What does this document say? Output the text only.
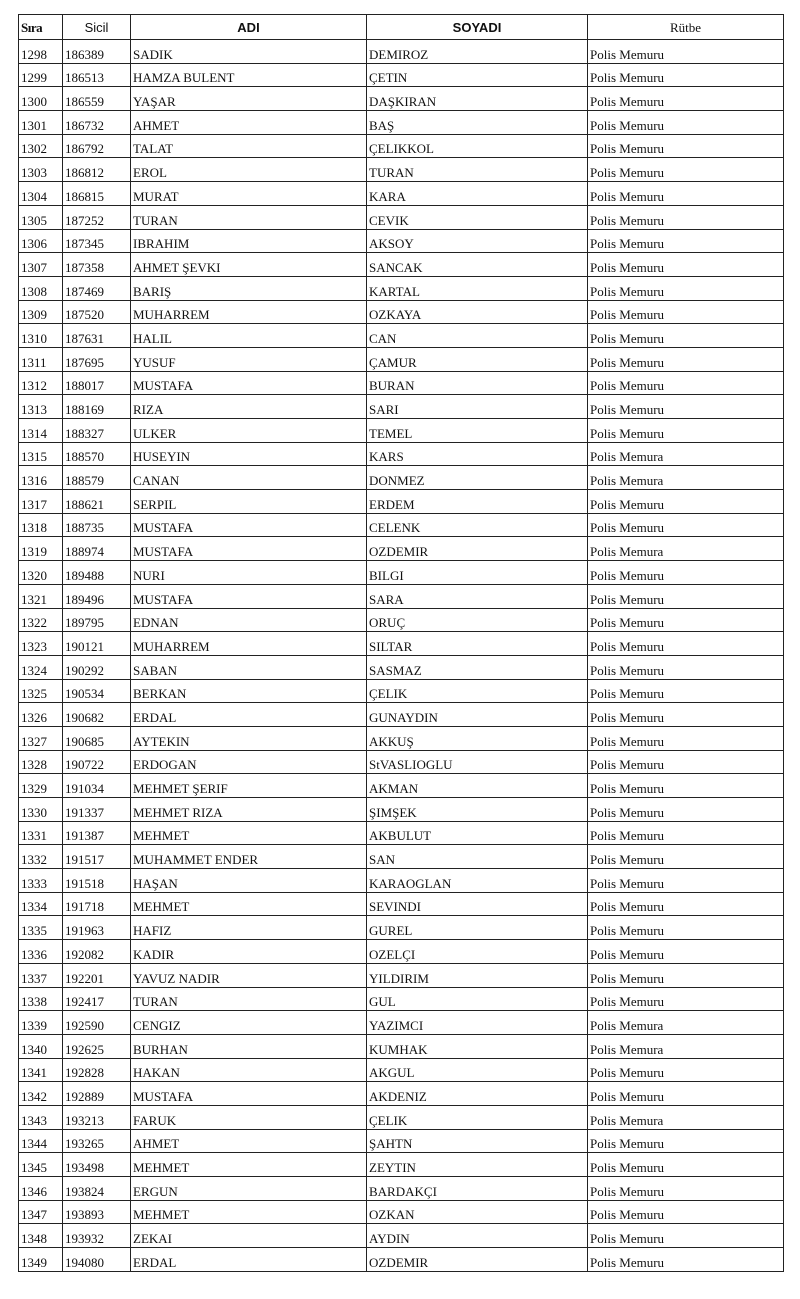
Sıra	Sicil	ADI	SOYADI	Rütbe
1298	186389	SADIK	DEMIROZ	Polis Memuru
1299	186513	HAMZA BULENT	ÇETIN	Polis Memuru
1300	186559	YAŞAR	DAŞKIRAN	Polis Memuru
1301	186732	AHMET	BAŞ	Polis Memuru
1302	186792	TALAT	ÇELIKKOL	Polis Memuru
1303	186812	EROL	TURAN	Polis Memuru
1304	186815	MURAT	KARA	Polis Memuru
1305	187252	TURAN	CEVIK	Polis Memuru
1306	187345	IBRAHIM	AKSOY	Polis Memuru
1307	187358	AHMET ŞEVKI	SANCAK	Polis Memuru
1308	187469	BARIŞ	KARTAL	Polis Memuru
1309	187520	MUHARREM	OZKAYA	Polis Memuru
1310	187631	HALIL	CAN	Polis Memuru
1311	187695	YUSUF	ÇAMUR	Polis Memuru
1312	188017	MUSTAFA	BURAN	Polis Memuru
1313	188169	RIZA	SARI	Polis Memuru
1314	188327	ULKER	TEMEL	Polis Memuru
1315	188570	HUSEYIN	KARS	Polis Memura
1316	188579	CANAN	DONMEZ	Polis Memura
1317	188621	SERPIL	ERDEM	Polis Memuru
1318	188735	MUSTAFA	CELENK	Polis Memuru
1319	188974	MUSTAFA	OZDEMIR	Polis Memura
1320	189488	NURI	BILGI	Polis Memuru
1321	189496	MUSTAFA	SARA	Polis Memuru
1322	189795	EDNAN	ORUÇ	Polis Memuru
1323	190121	MUHARREM	SILTAR	Polis Memuru
1324	190292	SABAN	SASMAZ	Polis Memuru
1325	190534	BERKAN	ÇELIK	Polis Memuru
1326	190682	ERDAL	GUNAYDIN	Polis Memuru
1327	190685	AYTEKIN	AKKUŞ	Polis Memuru
1328	190722	ERDOGAN	StVASLIOGLU	Polis Memuru
1329	191034	MEHMET ŞERIF	AKMAN	Polis Memuru
1330	191337	MEHMET RIZA	ŞIMŞEK	Polis Memuru
1331	191387	MEHMET	AKBULUT	Polis Memuru
1332	191517	MUHAMMET ENDER	SAN	Polis Memuru
1333	191518	HAŞAN	KARAOGLAN	Polis Memuru
1334	191718	MEHMET	SEVINDI	Polis Memuru
1335	191963	HAFIZ	GUREL	Polis Memuru
1336	192082	KADIR	OZELÇI	Polis Memuru
1337	192201	YAVUZ NADIR	YILDIRIM	Polis Memuru
1338	192417	TURAN	GUL	Polis Memuru
1339	192590	CENGIZ	YAZIMCI	Polis Memura
1340	192625	BURHAN	KUMHAK	Polis Memura
1341	192828	HAKAN	AKGUL	Polis Memuru
1342	192889	MUSTAFA	AKDENIZ	Polis Memuru
1343	193213	FARUK	ÇELIK	Polis Memura
1344	193265	AHMET	ŞAHTN	Polis Memuru
1345	193498	MEHMET	ZEYTIN	Polis Memuru
1346	193824	ERGUN	BARDAKÇI	Polis Memuru
1347	193893	MEHMET	OZKAN	Polis Memuru
1348	193932	ZEKAI	AYDIN	Polis Memuru
1349	194080	ERDAL	OZDEMIR	Polis Memuru
